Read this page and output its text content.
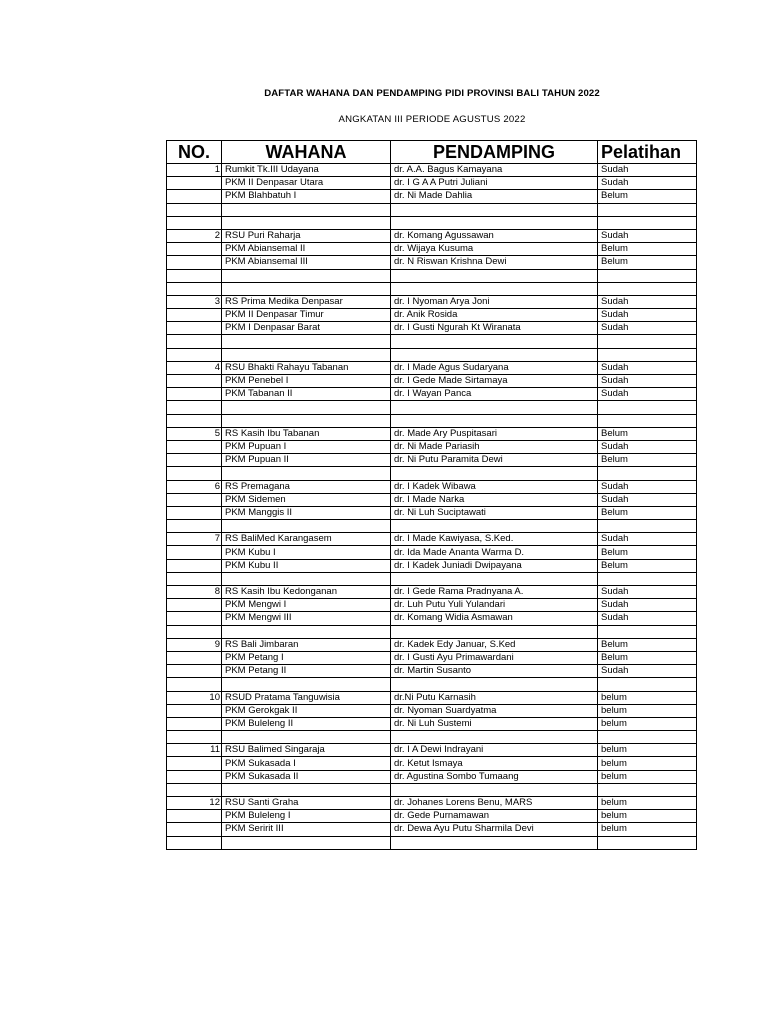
DAFTAR WAHANA DAN PENDAMPING PIDI PROVINSI BALI TAHUN 2022
ANGKATAN III PERIODE AGUSTUS 2022
NO.	WAHANA	PENDAMPING	Pelatihan
1	Rumkit Tk.III Udayana	dr. A.A. Bagus Kamayana	Sudah
	PKM II Denpasar Utara	dr. I G A A Putri Juliani	Sudah
	PKM Blahbatuh I	dr. Ni Made Dahlia	Belum

2	RSU Puri Raharja	dr. Komang Agussawan	Sudah
	PKM Abiansemal II	dr. Wijaya Kusuma	Belum
	PKM Abiansemal III	dr. N Riswan Krishna Dewi	Belum

3	RS Prima Medika Denpasar	dr. I Nyoman Arya Joni	Sudah
	PKM II Denpasar Timur	dr. Anik Rosida	Sudah
	PKM I Denpasar Barat	dr. I Gusti Ngurah Kt Wiranata	Sudah

4	RSU Bhakti Rahayu Tabanan	dr. I Made Agus Sudaryana	Sudah
	PKM Penebel I	dr. I Gede Made Sirtamaya	Sudah
	PKM Tabanan II	dr. I Wayan Panca	Sudah

5	RS Kasih Ibu Tabanan	dr. Made Ary Puspitasari	Belum
	PKM Pupuan I	dr. Ni Made Pariasih	Sudah
	PKM Pupuan II	dr. Ni Putu Paramita Dewi	Belum

6	RS Premagana	dr. I Kadek Wibawa	Sudah
	PKM Sidemen	dr. I Made Narka	Sudah
	PKM Manggis II	dr. Ni Luh Suciptawati	Belum

7	RS BaliMed Karangasem	dr. I Made Kawiyasa, S.Ked.	Sudah
	PKM Kubu I	dr. Ida Made Ananta Warma D.	Belum
	PKM Kubu II	dr. I Kadek Juniadi Dwipayana	Belum

8	RS Kasih Ibu Kedonganan	dr. I Gede Rama Pradnyana A.	Sudah
	PKM Mengwi I	dr. Luh Putu Yuli Yulandari	Sudah
	PKM Mengwi III	dr. Komang Widia Asmawan	Sudah

9	RS Bali Jimbaran	dr. Kadek Edy Januar, S.Ked	Belum
	PKM Petang I	dr. I Gusti Ayu Primawardani	Belum
	PKM Petang II	dr. Martin Susanto	Sudah

10	RSUD Pratama Tanguwisia	dr.Ni Putu Karnasih	belum
	PKM Gerokgak II	dr. Nyoman Suardyatma	belum
	PKM Buleleng II	dr. Ni Luh Sustemi	belum

11	RSU Balimed Singaraja	dr. I A Dewi Indrayani	belum
	PKM Sukasada I	dr. Ketut Ismaya	belum
	PKM Sukasada II	dr. Agustina Sombo Tumaang	belum

12	RSU Santi Graha	dr. Johanes Lorens Benu, MARS	belum
	PKM Buleleng I	dr. Gede Purnamawan	belum
	PKM Seririt III	dr. Dewa Ayu Putu Sharmila Devi	belum
